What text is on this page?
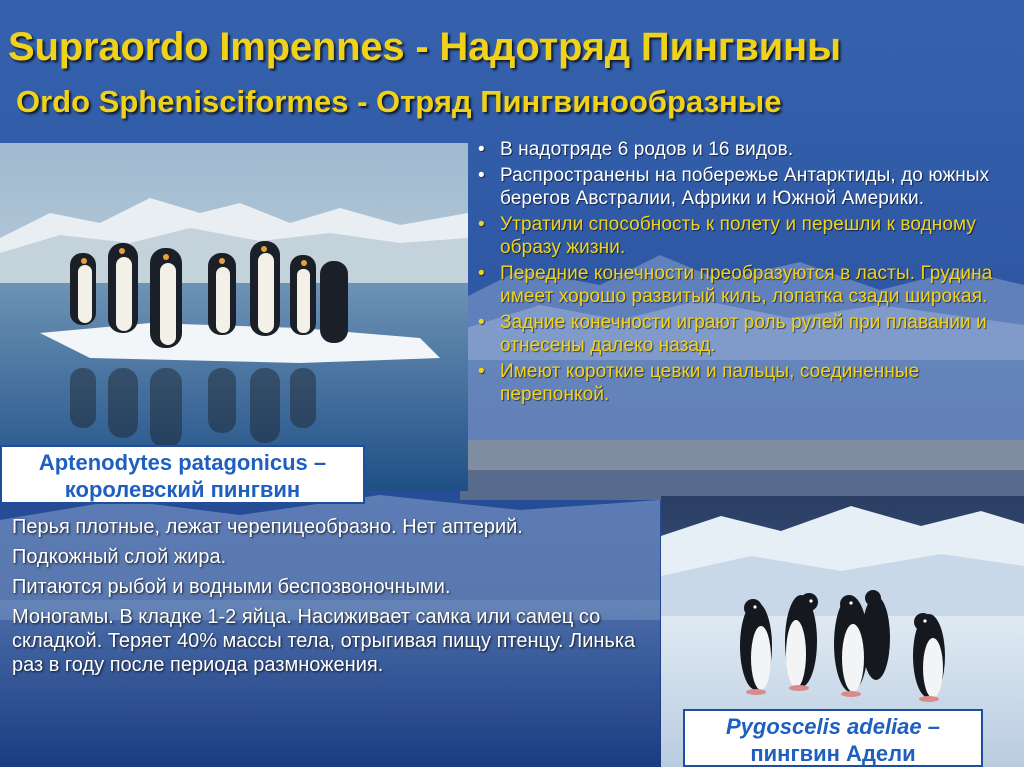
Supraordo Impennes - Надотряд Пингвины
Ordo Sphenisciformes - Отряд Пингвинообразные
• В надотряде 6 родов и 16 видов.
• Распространены на побережье Антарктиды, до южных берегов Австралии, Африки и Южной Америки.
• Утратили способность к полету и перешли к водному образу жизни.
• Передние конечности преобразуются в ласты. Грудина имеет хорошо развитый киль, лопатка сзади широкая.
• Задние конечности играют роль рулей при плавании и отнесены далеко назад.
• Имеют короткие цевки и пальцы, соединенные перепонкой.
Aptenodytes patagonicus –
королевский пингвин

Перья плотные, лежат черепицеобразно. Нет аптерий.

Подкожный слой жира.

Питаются рыбой и водными беспозвоночными.

Моногамы. В кладке 1-2 яйца. Насиживает самка или самец со складкой. Теряет 40% массы тела, отрыгивая пищу птенцу. Линька раз в году после периода размножения.

Pygoscelis adeliae –
пингвин Адели
